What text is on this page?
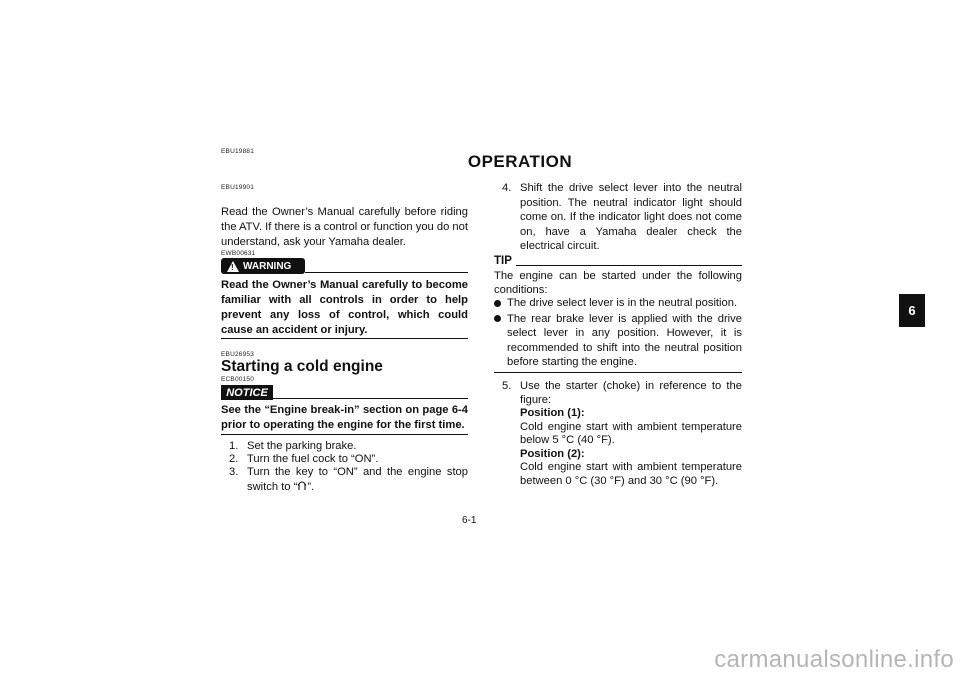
EBU19881
OPERATION
EBU19901
Read the Owner’s Manual carefully before riding the ATV. If there is a control or function you do not understand, ask your Yamaha dealer.
EWB00631
! WARNING
Read the Owner’s Manual carefully to become familiar with all controls in order to help prevent any loss of control, which could cause an accident or injury.
EBU26953
Starting a cold engine
ECB00150
NOTICE
See the “Engine break-in” section on page 6-4 prior to operating the engine for the first time.
1. Set the parking brake.
2. Turn the fuel cock to “ON”.
3. Turn the key to “ON” and the engine stop switch to “ ”.
4. Shift the drive select lever into the neutral position. The neutral indicator light should come on. If the indicator light does not come on, have a Yamaha dealer check the electrical circuit.
TIP
The engine can be started under the following conditions:
The drive select lever is in the neutral position.
The rear brake lever is applied with the drive select lever in any position. However, it is recommended to shift into the neutral position before starting the engine.
5. Use the starter (choke) in reference to the figure:
Position (1):
Cold engine start with ambient temperature below 5 °C (40 °F).
Position (2):
Cold engine start with ambient temperature between 0 °C (30 °F) and 30 °C (90 °F).
6
6-1
carmanualsonline.info
